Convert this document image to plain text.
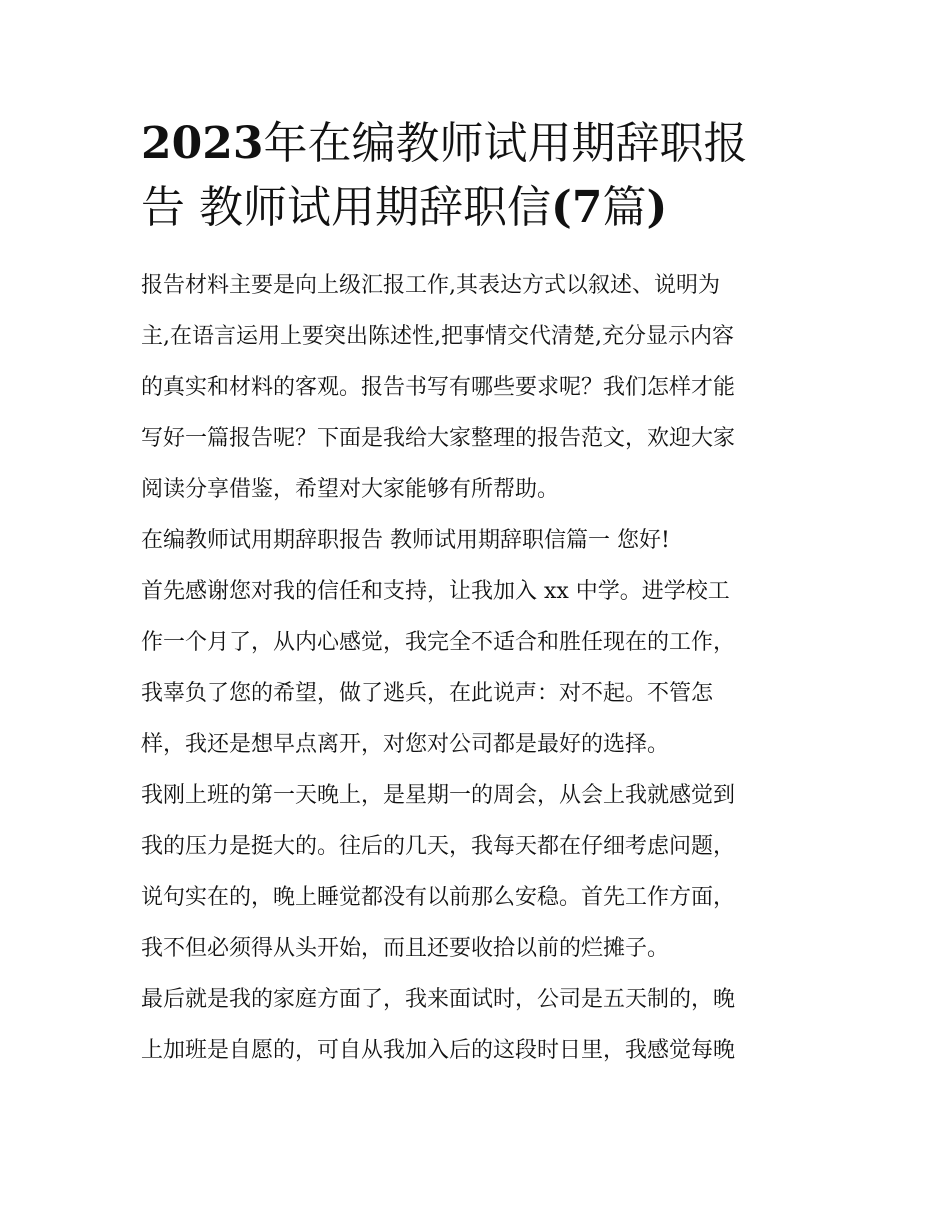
2023年在编教师试用期辞职报
告 教师试用期辞职信(7篇)

报告材料主要是向上级汇报工作,其表达方式以叙述、说明为
主,在语言运用上要突出陈述性,把事情交代清楚,充分显示内容
的真实和材料的客观。报告书写有哪些要求呢？我们怎样才能
写好一篇报告呢？下面是我给大家整理的报告范文，欢迎大家
阅读分享借鉴，希望对大家能够有所帮助。

在编教师试用期辞职报告 教师试用期辞职信篇一 您好!

首先感谢您对我的信任和支持，让我加入 xx 中学。进学校工
作一个月了，从内心感觉，我完全不适合和胜任现在的工作，
我辜负了您的希望，做了逃兵，在此说声：对不起。不管怎
样，我还是想早点离开，对您对公司都是最好的选择。

我刚上班的第一天晚上，是星期一的周会，从会上我就感觉到
我的压力是挺大的。往后的几天，我每天都在仔细考虑问题，
说句实在的，晚上睡觉都没有以前那么安稳。首先工作方面，
我不但必须得从头开始，而且还要收拾以前的烂摊子。

最后就是我的家庭方面了，我来面试时，公司是五天制的，晚
上加班是自愿的，可自从我加入后的这段时日里，我感觉每晚
